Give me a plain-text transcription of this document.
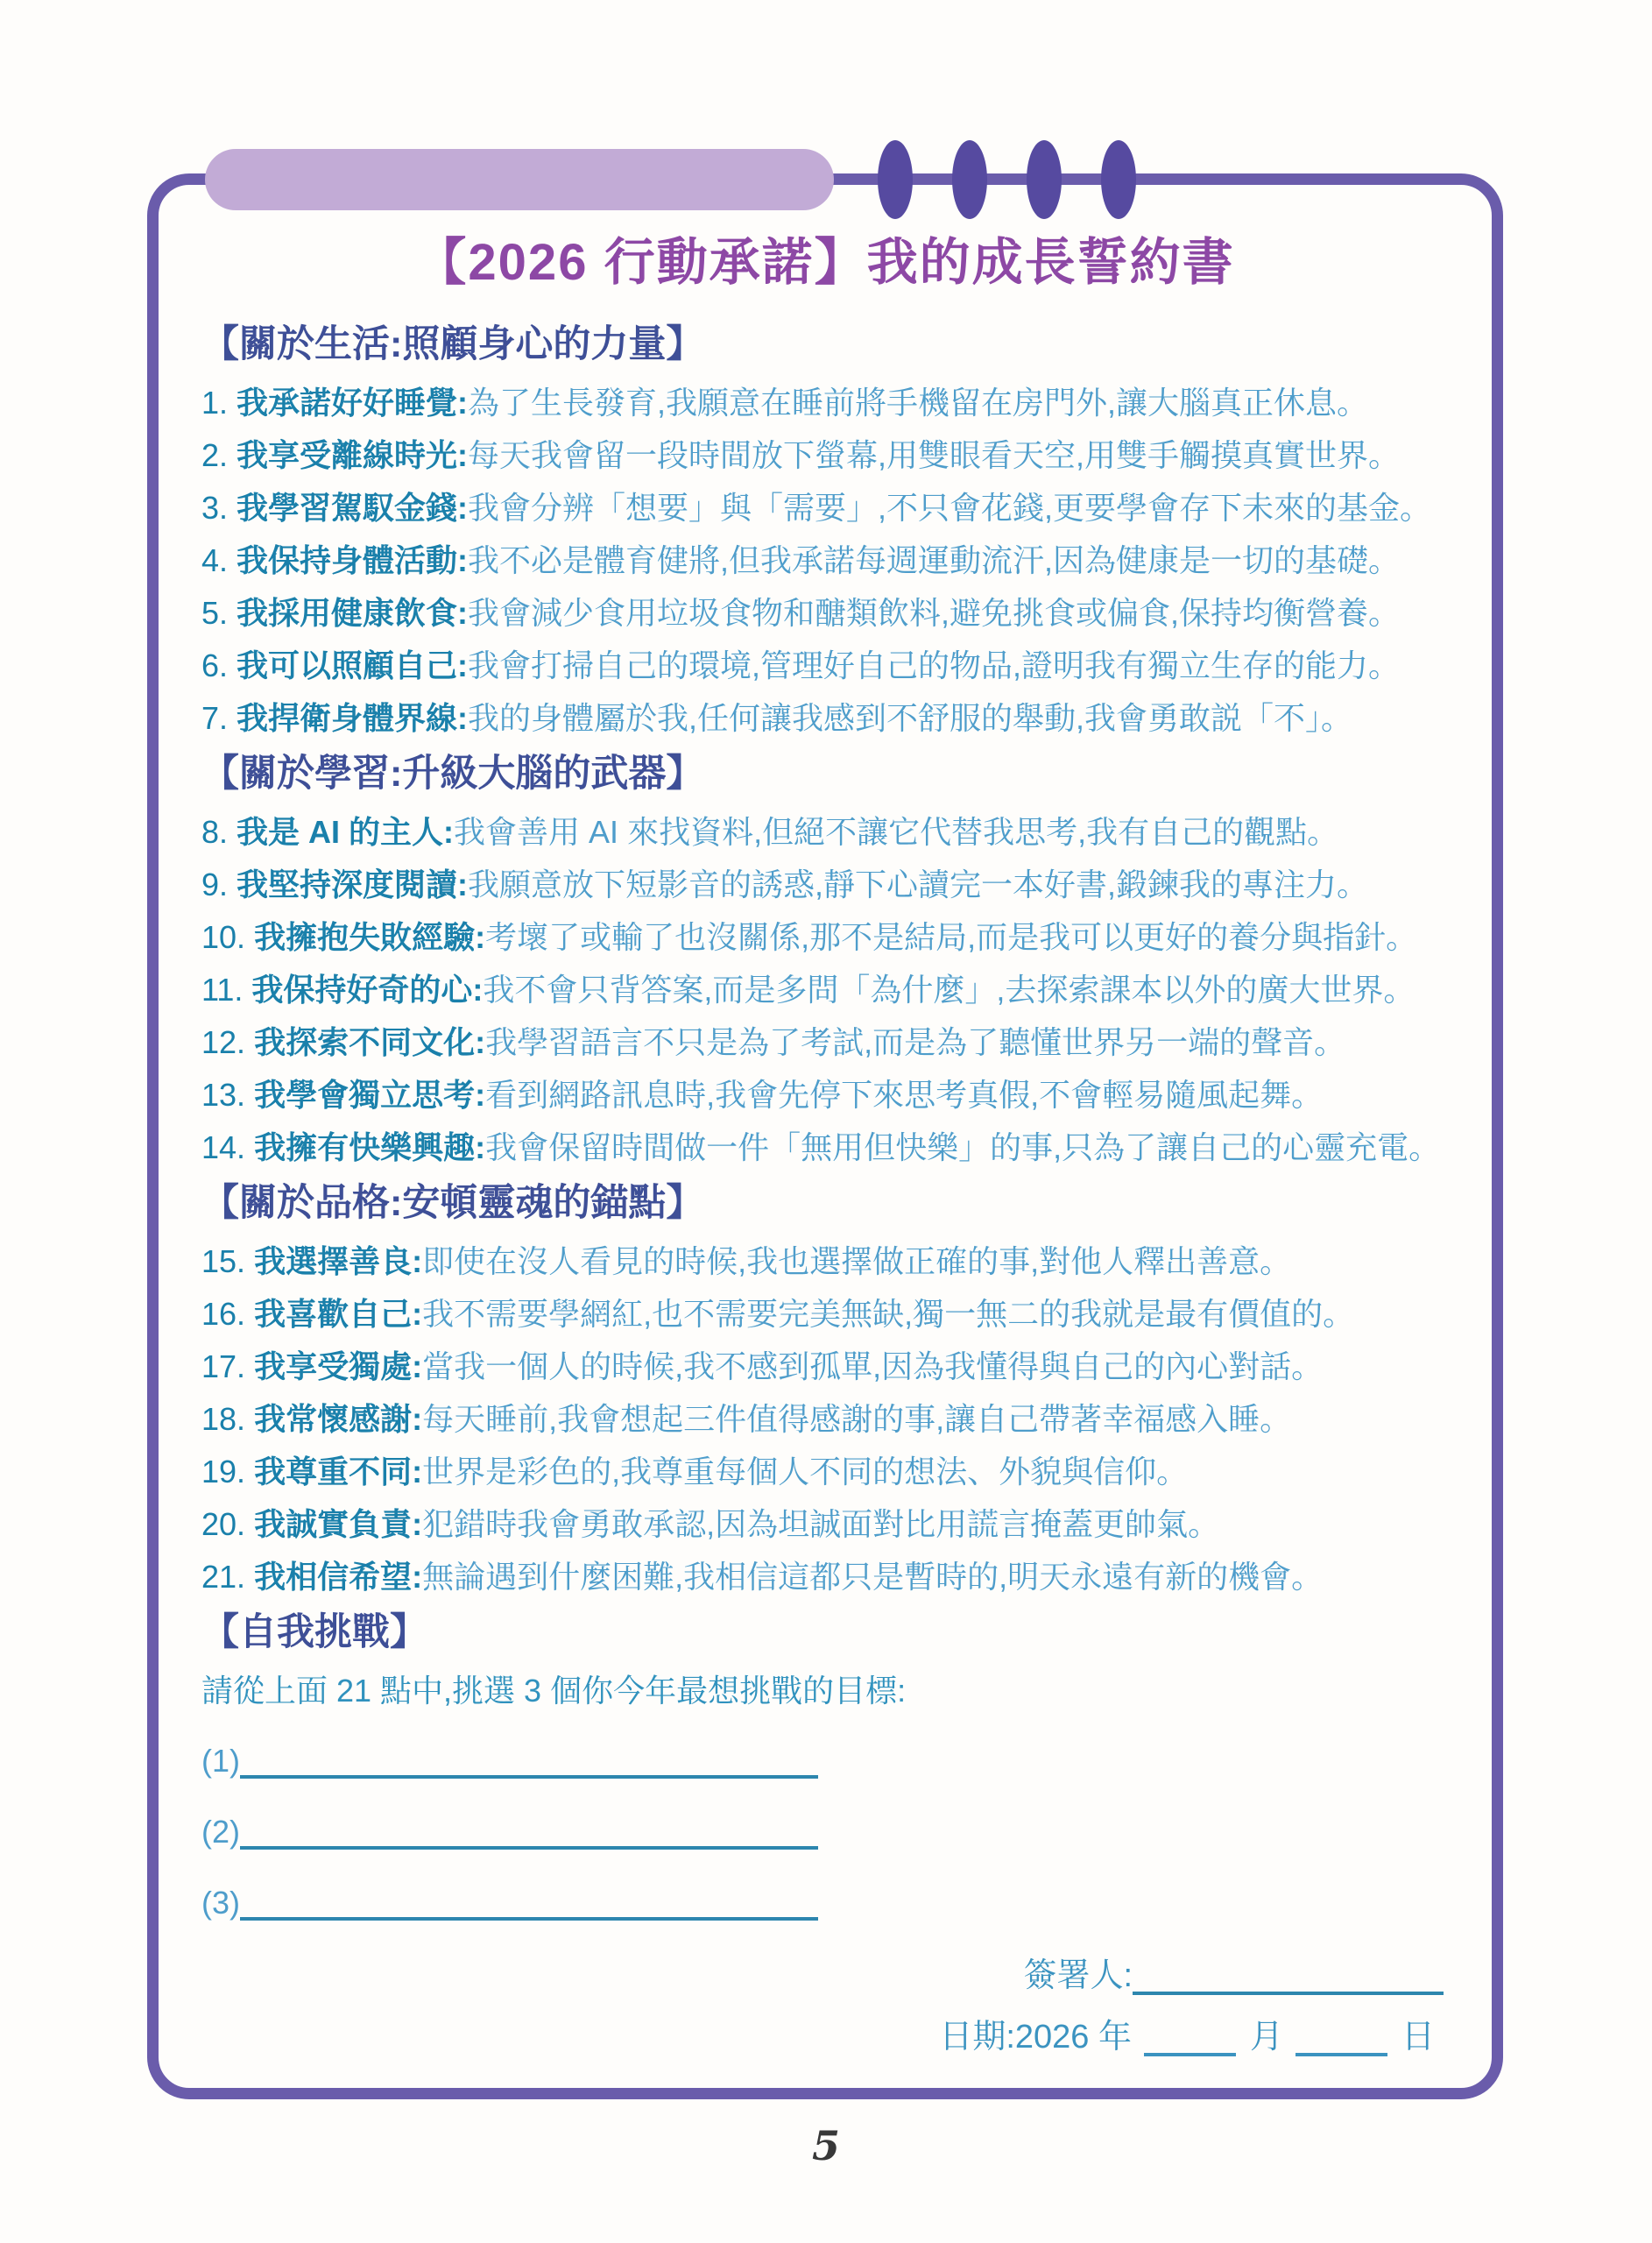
【2026 行動承諾】我的成長誓約書
【關於生活:照顧身心的力量】

1. 我承諾好好睡覺:為了生長發育,我願意在睡前將手機留在房門外,讓大腦真正休息。

2. 我享受離線時光:每天我會留一段時間放下螢幕,用雙眼看天空,用雙手觸摸真實世界。

3. 我學習駕馭金錢:我會分辨「想要」與「需要」,不只會花錢,更要學會存下未來的基金。

4. 我保持身體活動:我不必是體育健將,但我承諾每週運動流汗,因為健康是一切的基礎。

5. 我採用健康飲食:我會減少食用垃圾食物和醣類飲料,避免挑食或偏食,保持均衡營養。

6. 我可以照顧自己:我會打掃自己的環境,管理好自己的物品,證明我有獨立生存的能力。

7. 我捍衛身體界線:我的身體屬於我,任何讓我感到不舒服的舉動,我會勇敢説「不」。

【關於學習:升級大腦的武器】

8. 我是 AI 的主人:我會善用 AI 來找資料,但絕不讓它代替我思考,我有自己的觀點。

9. 我堅持深度閱讀:我願意放下短影音的誘惑,靜下心讀完一本好書,鍛鍊我的專注力。

10. 我擁抱失敗經驗:考壞了或輸了也沒關係,那不是結局,而是我可以更好的養分與指針。

11. 我保持好奇的心:我不會只背答案,而是多問「為什麼」,去探索課本以外的廣大世界。

12. 我探索不同文化:我學習語言不只是為了考試,而是為了聽懂世界另一端的聲音。

13. 我學會獨立思考:看到網路訊息時,我會先停下來思考真假,不會輕易隨風起舞。

14. 我擁有快樂興趣:我會保留時間做一件「無用但快樂」的事,只為了讓自己的心靈充電。

【關於品格:安頓靈魂的錨點】

15. 我選擇善良:即使在沒人看見的時候,我也選擇做正確的事,對他人釋出善意。

16. 我喜歡自己:我不需要學網紅,也不需要完美無缺,獨一無二的我就是最有價值的。

17. 我享受獨處:當我一個人的時候,我不感到孤單,因為我懂得與自己的內心對話。

18. 我常懷感謝:每天睡前,我會想起三件值得感謝的事,讓自己帶著幸福感入睡。

19. 我尊重不同:世界是彩色的,我尊重每個人不同的想法、外貌與信仰。

20. 我誠實負責:犯錯時我會勇敢承認,因為坦誠面對比用謊言掩蓋更帥氣。

21. 我相信希望:無論遇到什麼困難,我相信這都只是暫時的,明天永遠有新的機會。

【自我挑戰】

請從上面 21 點中,挑選 3 個你今年最想挑戰的目標:

(1)
(2)
(3)
簽署人:
日期:2026 年	月	日
5
